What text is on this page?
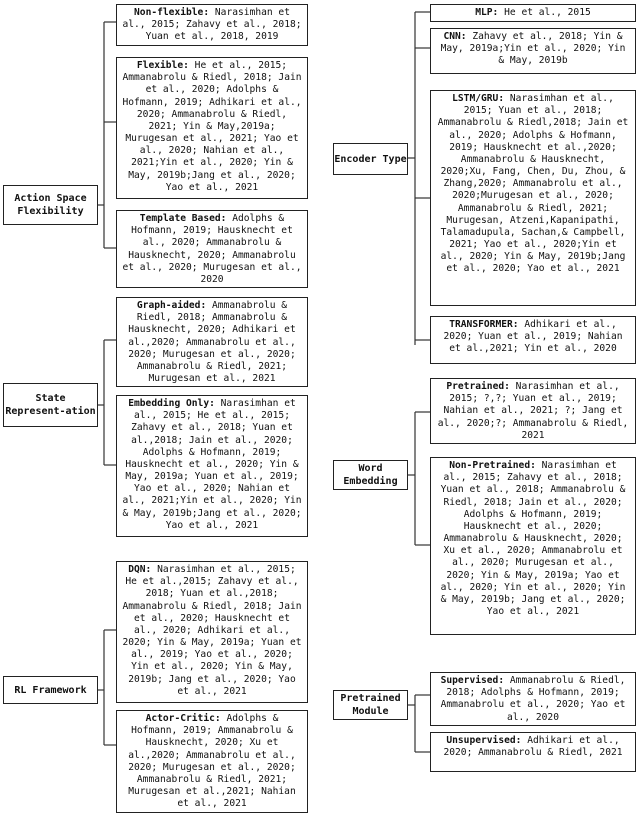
Action Space Flexibility
State Represent-ation
RL Framework
Encoder Type
Word Embedding
Pretrained Module
Non-flexible: Narasimhan et al., 2015; Zahavy et al., 2018; Yuan et al., 2018, 2019
Flexible: He et al., 2015; Ammanabrolu & Riedl, 2018; Jain et al., 2020; Adolphs & Hofmann, 2019; Adhikari et al., 2020; Ammanabrolu & Riedl, 2021; Yin & May,2019a; Murugesan et al., 2021; Yao et al., 2020; Nahian et al., 2021;Yin et al., 2020; Yin & May, 2019b;Jang et al., 2020; Yao et al., 2021
Template Based: Adolphs & Hofmann, 2019; Hausknecht et al., 2020; Ammanabrolu & Hausknecht, 2020; Ammanabrolu et al., 2020; Murugesan et al., 2020
Graph-aided: Ammanabrolu & Riedl, 2018; Ammanabrolu & Hausknecht, 2020; Adhikari et al.,2020; Ammanabrolu et al., 2020; Murugesan et al., 2020; Ammanabrolu & Riedl, 2021; Murugesan et al., 2021
Embedding Only: Narasimhan et al., 2015; He et al., 2015; Zahavy et al., 2018; Yuan et al.,2018; Jain et al., 2020; Adolphs & Hofmann, 2019; Hausknecht et al., 2020; Yin & May, 2019a; Yuan et al., 2019; Yao et al., 2020; Nahian et al., 2021;Yin et al., 2020; Yin & May, 2019b;Jang et al., 2020; Yao et al., 2021
DQN: Narasimhan et al., 2015; He et al.,2015; Zahavy et al., 2018; Yuan et al.,2018; Ammanabrolu & Riedl, 2018; Jain et al., 2020; Hausknecht et al., 2020; Adhikari et al., 2020; Yin & May, 2019a; Yuan et al., 2019; Yao et al., 2020; Yin et al., 2020; Yin & May, 2019b; Jang et al., 2020; Yao et al., 2021
Actor-Critic: Adolphs & Hofmann, 2019; Ammanabrolu & Hausknecht, 2020; Xu et al.,2020; Ammanabrolu et al., 2020; Murugesan et al., 2020; Ammanabrolu & Riedl, 2021; Murugesan et al.,2021; Nahian et al., 2021
MLP: He et al., 2015
CNN: Zahavy et al., 2018; Yin & May, 2019a;Yin et al., 2020; Yin & May, 2019b
LSTM/GRU: Narasimhan et al., 2015; Yuan et al., 2018; Ammanabrolu & Riedl,2018; Jain et al., 2020; Adolphs & Hofmann, 2019; Hausknecht et al.,2020; Ammanabrolu & Hausknecht, 2020;Xu, Fang, Chen, Du, Zhou, & Zhang,2020; Ammanabrolu et al., 2020;Murugesan et al., 2020; Ammanabrolu & Riedl, 2021; Murugesan, Atzeni,Kapanipathi, Talamadupula, Sachan,& Campbell, 2021; Yao et al., 2020;Yin et al., 2020; Yin & May, 2019b;Jang et al., 2020; Yao et al., 2021
TRANSFORMER: Adhikari et al., 2020; Yuan et al., 2019; Nahian et al.,2021; Yin et al., 2020
Pretrained: Narasimhan et al., 2015; ?,?; Yuan et al., 2019; Nahian et al., 2021; ?; Jang et al., 2020;?; Ammanabrolu & Riedl, 2021
Non-Pretrained: Narasimhan et al., 2015; Zahavy et al., 2018; Yuan et al., 2018; Ammanabrolu & Riedl, 2018; Jain et al., 2020; Adolphs & Hofmann, 2019; Hausknecht et al., 2020; Ammanabrolu & Hausknecht, 2020; Xu et al., 2020; Ammanabrolu et al., 2020; Murugesan et al., 2020; Yin & May, 2019a; Yao et al., 2020; Yin et al., 2020; Yin & May, 2019b; Jang et al., 2020; Yao et al., 2021
Supervised: Ammanabrolu & Riedl, 2018; Adolphs & Hofmann, 2019; Ammanabrolu et al., 2020; Yao et al., 2020
Unsupervised: Adhikari et al., 2020; Ammanabrolu & Riedl, 2021
